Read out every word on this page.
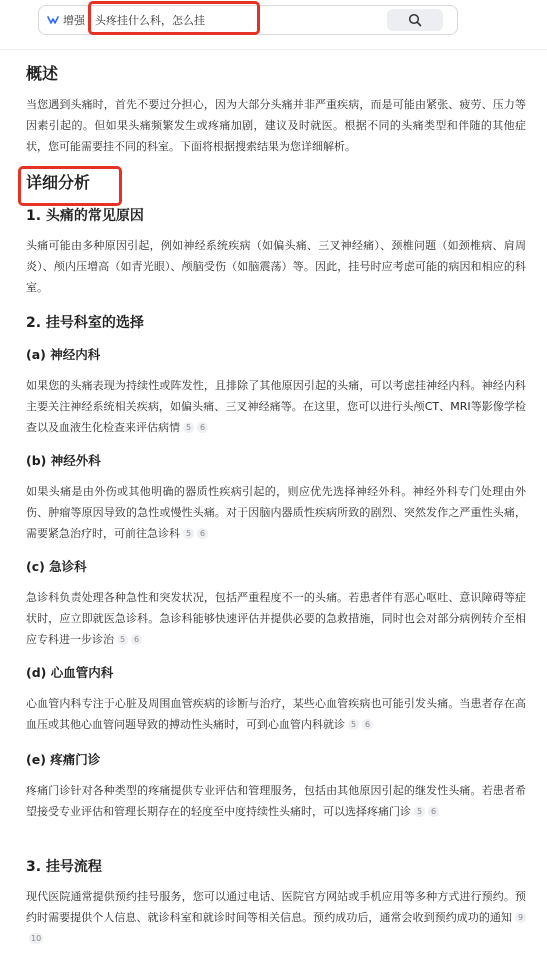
增强
头疼挂什么科，怎么挂
概述

当您遇到头痛时，首先不要过分担心，因为大部分头痛并非严重疾病，而是可能由紧张、疲劳、压力等因素引起的。但如果头痛频繁发生或疼痛加剧，建议及时就医。根据不同的头痛类型和伴随的其他症状，您可能需要挂不同的科室。下面将根据搜索结果为您详细解析。

详细分析
1. 头痛的常见原因

头痛可能由多种原因引起，例如神经系统疾病（如偏头痛、三叉神经痛）、颈椎问题（如颈椎病、肩周炎）、颅内压增高（如青光眼）、颅脑受伤（如脑震荡）等。因此，挂号时应考虑可能的病因和相应的科室。

2. 挂号科室的选择
(a) 神经内科

如果您的头痛表现为持续性或阵发性，且排除了其他原因引起的头痛，可以考虑挂神经内科。神经内科主要关注神经系统相关疾病，如偏头痛、三叉神经痛等。在这里，您可以进行头颅CT、MRI等影像学检查以及血液生化检查来评估病情 5 6

(b) 神经外科

如果头痛是由外伤或其他明确的器质性疾病引起的，则应优先选择神经外科。神经外科专门处理由外伤、肿瘤等原因导致的急性或慢性头痛。对于因脑内器质性疾病所致的剧烈、突然发作之严重性头痛，需要紧急治疗时，可前往急诊科 5 6

(c) 急诊科

急诊科负责处理各种急性和突发状况，包括严重程度不一的头痛。若患者伴有恶心呕吐、意识障碍等症状时，应立即就医急诊科。急诊科能够快速评估并提供必要的急救措施，同时也会对部分病例转介至相应专科进一步诊治 5 6

(d) 心血管内科

心血管内科专注于心脏及周围血管疾病的诊断与治疗，某些心血管疾病也可能引发头痛。当患者存在高血压或其他心血管问题导致的搏动性头痛时，可到心血管内科就诊 5 6

(e) 疼痛门诊

疼痛门诊针对各种类型的疼痛提供专业评估和管理服务，包括由其他原因引起的继发性头痛。若患者希望接受专业评估和管理长期存在的轻度至中度持续性头痛时，可以选择疼痛门诊 5 6

3. 挂号流程

现代医院通常提供预约挂号服务，您可以通过电话、医院官方网站或手机应用等多种方式进行预约。预约时需要提供个人信息、就诊科室和就诊时间等相关信息。预约成功后，通常会收到预约成功的通知 910
